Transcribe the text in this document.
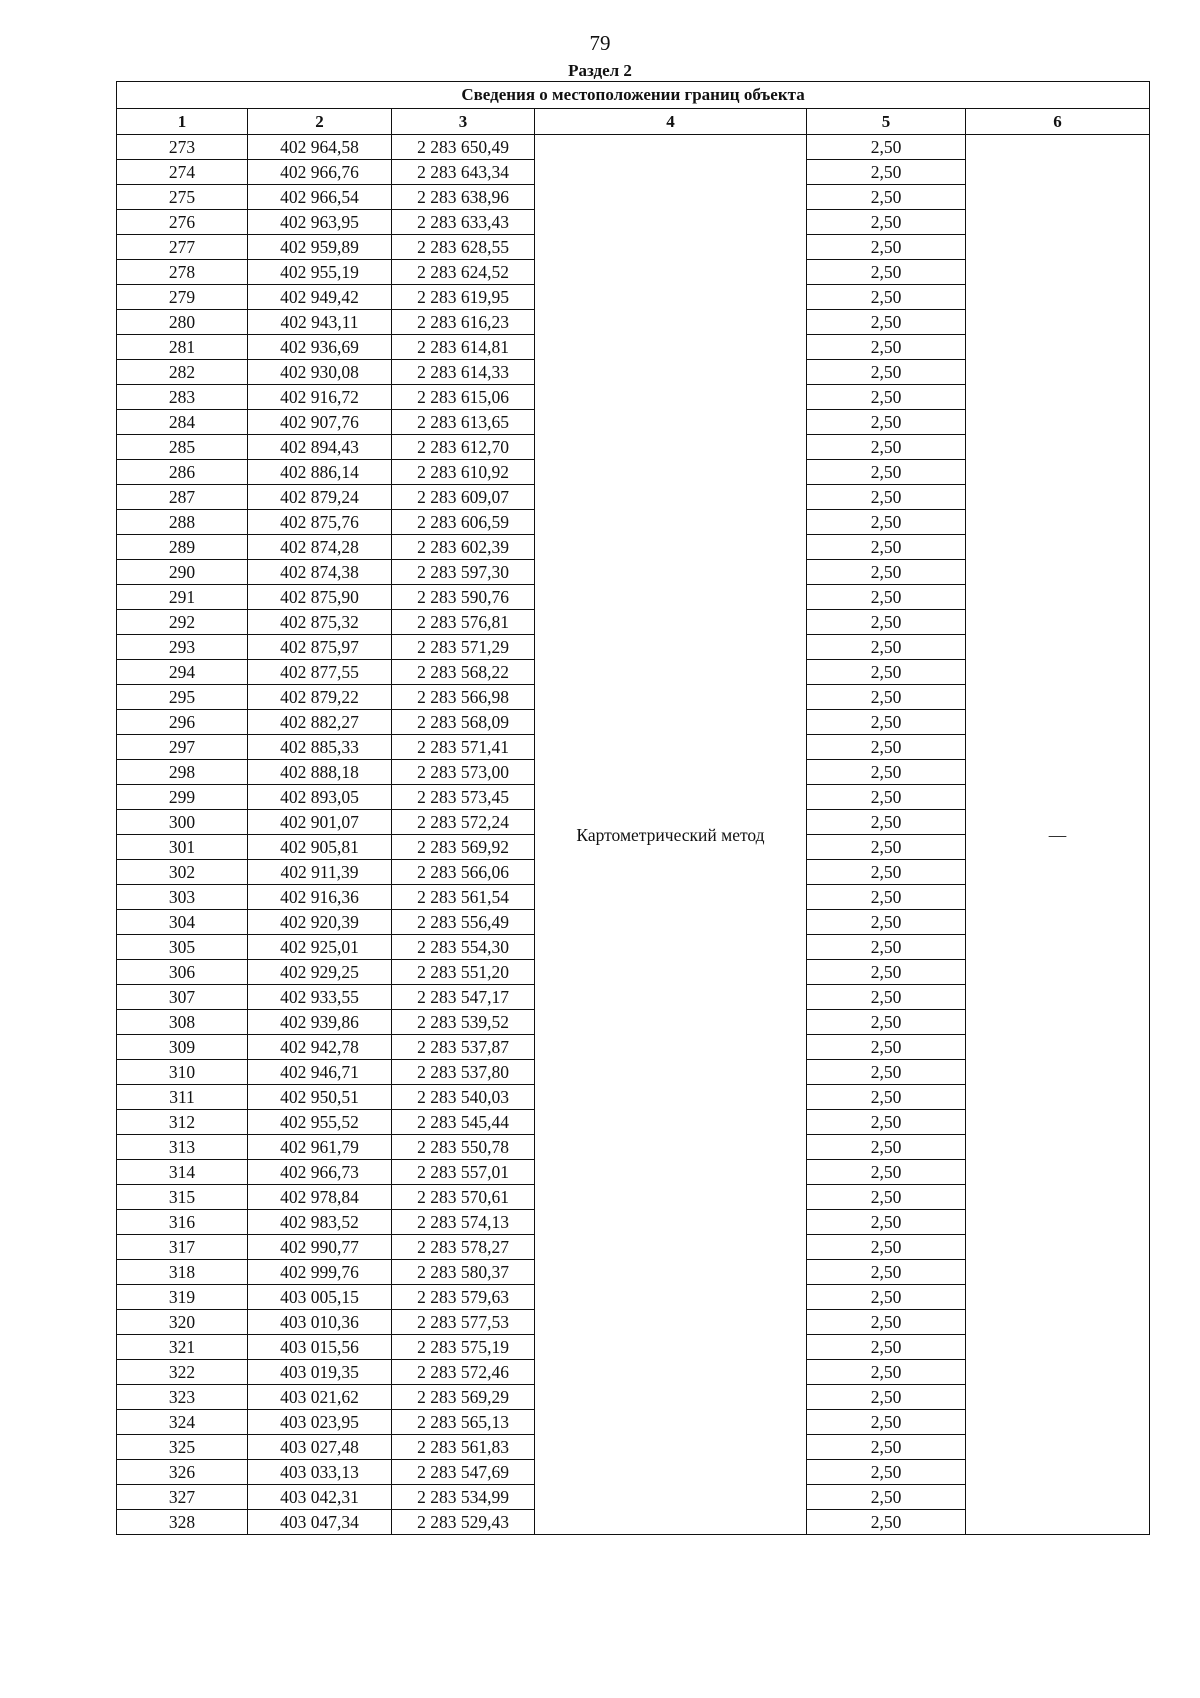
79
Раздел 2
Сведения о местоположении границ объекта					
1	2	3	4	5	6
273	402 964,58	2 283 650,49	Картометрический метод	2,50	—
274	402 966,76	2 283 643,34		2,50	
275	402 966,54	2 283 638,96		2,50	
276	402 963,95	2 283 633,43		2,50	
277	402 959,89	2 283 628,55		2,50	
278	402 955,19	2 283 624,52		2,50	
279	402 949,42	2 283 619,95		2,50	
280	402 943,11	2 283 616,23		2,50	
281	402 936,69	2 283 614,81		2,50	
282	402 930,08	2 283 614,33		2,50	
283	402 916,72	2 283 615,06		2,50	
284	402 907,76	2 283 613,65		2,50	
285	402 894,43	2 283 612,70		2,50	
286	402 886,14	2 283 610,92		2,50	
287	402 879,24	2 283 609,07		2,50	
288	402 875,76	2 283 606,59		2,50	
289	402 874,28	2 283 602,39		2,50	
290	402 874,38	2 283 597,30		2,50	
291	402 875,90	2 283 590,76		2,50	
292	402 875,32	2 283 576,81		2,50	
293	402 875,97	2 283 571,29		2,50	
294	402 877,55	2 283 568,22		2,50	
295	402 879,22	2 283 566,98		2,50	
296	402 882,27	2 283 568,09		2,50	
297	402 885,33	2 283 571,41		2,50	
298	402 888,18	2 283 573,00		2,50	
299	402 893,05	2 283 573,45		2,50	
300	402 901,07	2 283 572,24		2,50	
301	402 905,81	2 283 569,92		2,50	
302	402 911,39	2 283 566,06		2,50	
303	402 916,36	2 283 561,54		2,50	
304	402 920,39	2 283 556,49		2,50	
305	402 925,01	2 283 554,30		2,50	
306	402 929,25	2 283 551,20		2,50	
307	402 933,55	2 283 547,17		2,50	
308	402 939,86	2 283 539,52		2,50	
309	402 942,78	2 283 537,87		2,50	
310	402 946,71	2 283 537,80		2,50	
311	402 950,51	2 283 540,03		2,50	
312	402 955,52	2 283 545,44		2,50	
313	402 961,79	2 283 550,78		2,50	
314	402 966,73	2 283 557,01		2,50	
315	402 978,84	2 283 570,61		2,50	
316	402 983,52	2 283 574,13		2,50	
317	402 990,77	2 283 578,27		2,50	
318	402 999,76	2 283 580,37		2,50	
319	403 005,15	2 283 579,63		2,50	
320	403 010,36	2 283 577,53		2,50	
321	403 015,56	2 283 575,19		2,50	
322	403 019,35	2 283 572,46		2,50	
323	403 021,62	2 283 569,29		2,50	
324	403 023,95	2 283 565,13		2,50	
325	403 027,48	2 283 561,83		2,50	
326	403 033,13	2 283 547,69		2,50	
327	403 042,31	2 283 534,99		2,50	
328	403 047,34	2 283 529,43		2,50	
